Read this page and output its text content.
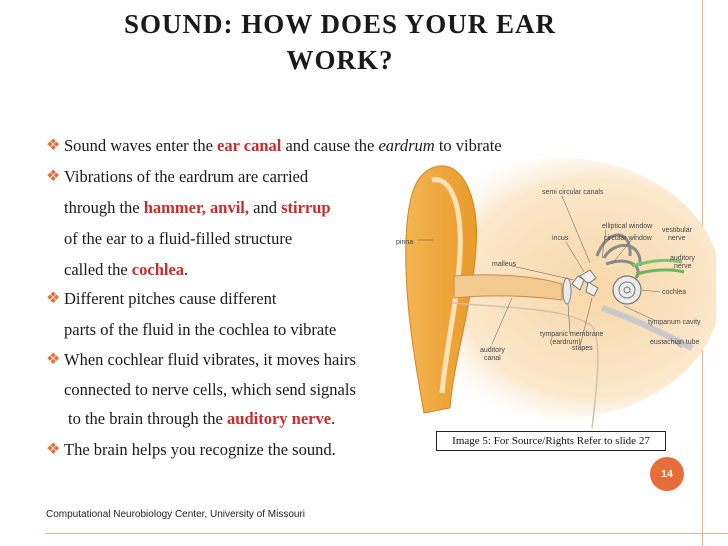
SOUND: HOW DOES YOUR EAR
WORK?
❖ Sound waves enter the ear canal and cause the eardrum to vibrate
❖ Vibrations of the eardrum are carried
through the hammer, anvil, and stirrup
of the ear to a fluid-filled structure
called the cochlea.
❖ Different pitches cause different
parts of the fluid in the cochlea to vibrate
❖ When cochlear fluid vibrates, it moves hairs
connected to nerve cells, which send signals
to the brain through the auditory nerve.
❖ The brain helps you recognize the sound.
semi circular canals
elliptical window
circular window
vestibular
nerve
incus
auditory
nerve
malleus
pinna
cochlea
tympanum cavity
tympanic membrane
(eardrum)
stapes
eustachian tube
auditory
canal
Image 5: For Source/Rights Refer to slide 27
14
Computational Neurobiology Center, University of Missouri
